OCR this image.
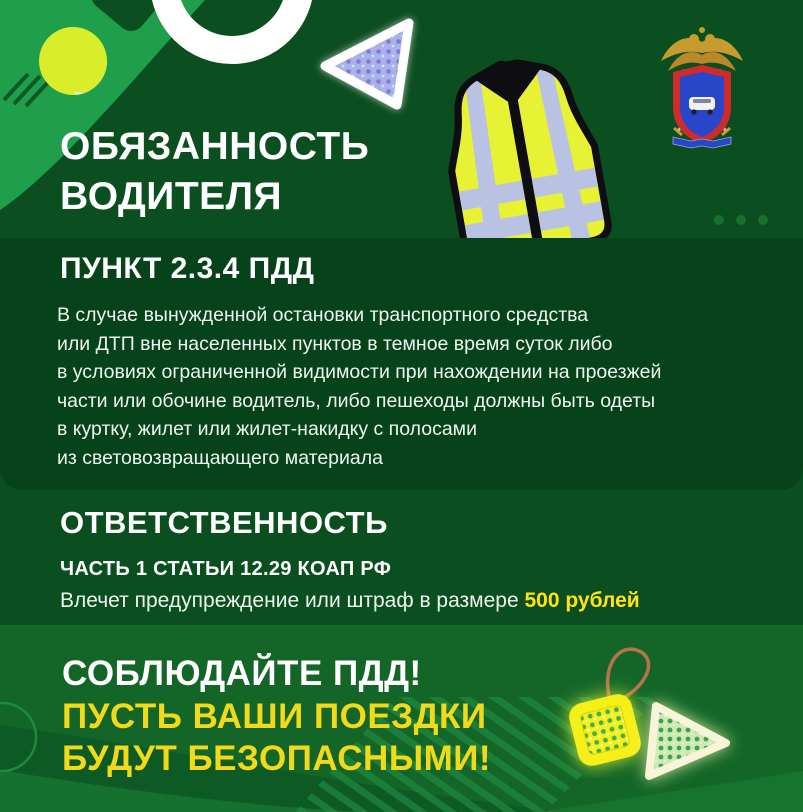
ОБЯЗАННОСТЬ
ВОДИТЕЛЯ
ПУНКТ 2.3.4 ПДД
В случае вынужденной остановки транспортного средства
или ДТП вне населенных пунктов в темное время суток либо
в условиях ограниченной видимости при нахождении на проезжей
части или обочине водитель, либо пешеходы должны быть одеты
в куртку, жилет или жилет-накидку с полосами
из световозвращающего материала
ОТВЕТСТВЕННОСТЬ
ЧАСТЬ 1 СТАТЬИ 12.29 КОАП РФ
Влечет предупреждение или штраф в размере 500 рублей
СОБЛЮДАЙТЕ ПДД!
ПУСТЬ ВАШИ ПОЕЗДКИ
БУДУТ БЕЗОПАСНЫМИ!
